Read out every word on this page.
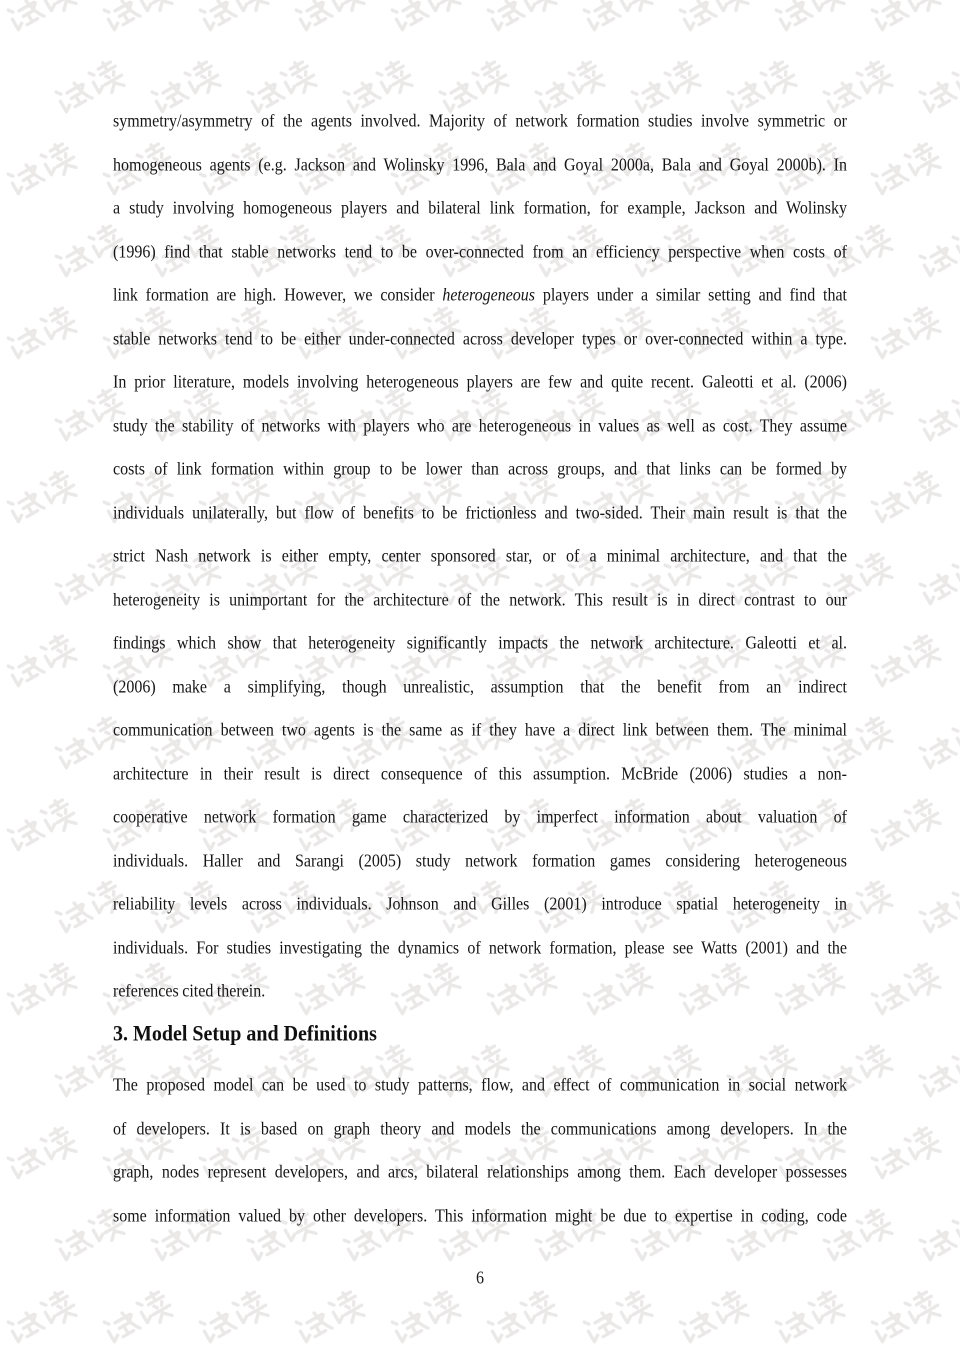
symmetry/asymmetry of the agents involved. Majority of network formation studies involve symmetric or
homogeneous agents (e.g. Jackson and Wolinsky 1996, Bala and Goyal 2000a, Bala and Goyal 2000b). In
a study involving homogeneous players and bilateral link formation, for example, Jackson and Wolinsky
(1996) find that stable networks tend to be over-connected from an efficiency perspective when costs of
link formation are high. However, we consider heterogeneous players under a similar setting and find that
stable networks tend to be either under-connected across developer types or over-connected within a type.
In prior literature, models involving heterogeneous players are few and quite recent. Galeotti et al. (2006)
study the stability of networks with players who are heterogeneous in values as well as cost. They assume
costs of link formation within group to be lower than across groups, and that links can be formed by
individuals unilaterally, but flow of benefits to be frictionless and two-sided. Their main result is that the
strict Nash network is either empty, center sponsored star, or of a minimal architecture, and that the
heterogeneity is unimportant for the architecture of the network. This result is in direct contrast to our
findings which show that heterogeneity significantly impacts the network architecture. Galeotti et al.
(2006) make a simplifying, though unrealistic, assumption that the benefit from an indirect
communication between two agents is the same as if they have a direct link between them. The minimal
architecture in their result is direct consequence of this assumption. McBride (2006) studies a non-
cooperative network formation game characterized by imperfect information about valuation of
individuals. Haller and Sarangi (2005) study network formation games considering heterogeneous
reliability levels across individuals. Johnson and Gilles (2001) introduce spatial heterogeneity in
individuals. For studies investigating the dynamics of network formation, please see Watts (2001) and the
references cited therein.
3. Model Setup and Definitions
The proposed model can be used to study patterns, flow, and effect of communication in social network
of developers. It is based on graph theory and models the communications among developers. In the
graph, nodes represent developers, and arcs, bilateral relationships among them. Each developer possesses
some information valued by other developers. This information might be due to expertise in coding, code
6
